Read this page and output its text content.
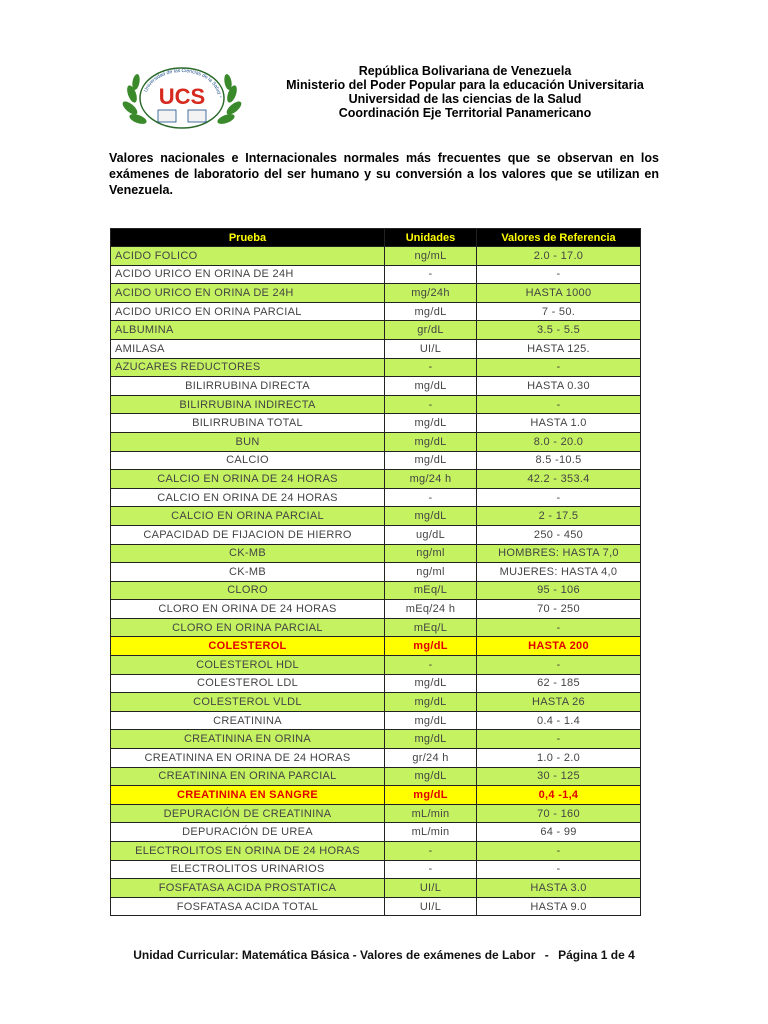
Universidad de las Ciencias de la Salud "
UCS
República Bolivariana de Venezuela
Ministerio del Poder Popular para la educación Universitaria
Universidad de las ciencias de la Salud
Coordinación Eje Territorial Panamericano
Valores nacionales e Internacionales normales más frecuentes que se observan en los exámenes de laboratorio del ser humano y su conversión a los valores que se utilizan en Venezuela.
Prueba	Unidades	Valores de Referencia
ACIDO FOLICO	ng/mL	2.0 - 17.0
ACIDO URICO EN ORINA DE 24H	-	-
ACIDO URICO EN ORINA DE 24H	mg/24h	HASTA 1000
ACIDO URICO EN ORINA PARCIAL	mg/dL	7 - 50.
ALBUMINA	gr/dL	3.5 - 5.5
AMILASA	UI/L	HASTA 125.
AZUCARES REDUCTORES	-	-
BILIRRUBINA DIRECTA	mg/dL	HASTA 0.30
BILIRRUBINA INDIRECTA	-	-
BILIRRUBINA TOTAL	mg/dL	HASTA 1.0
BUN	mg/dL	8.0 - 20.0
CALCIO	mg/dL	8.5 -10.5
CALCIO EN ORINA DE 24 HORAS	mg/24 h	42.2 - 353.4
CALCIO EN ORINA DE 24 HORAS	-	-
CALCIO EN ORINA PARCIAL	mg/dL	2 - 17.5
CAPACIDAD DE FIJACION DE HIERRO	ug/dL	250 - 450
CK-MB	ng/ml	HOMBRES: HASTA 7,0
CK-MB	ng/ml	MUJERES: HASTA 4,0
CLORO	mEq/L	95 - 106
CLORO EN ORINA DE 24 HORAS	mEq/24 h	70 - 250
CLORO EN ORINA PARCIAL	mEq/L	-
COLESTEROL	mg/dL	HASTA 200
COLESTEROL HDL	-	-
COLESTEROL LDL	mg/dL	62 - 185
COLESTEROL VLDL	mg/dL	HASTA 26
CREATININA	mg/dL	0.4 - 1.4
CREATININA EN ORINA	mg/dL	-
CREATININA EN ORINA DE 24 HORAS	gr/24 h	1.0 - 2.0
CREATININA EN ORINA PARCIAL	mg/dL	30 - 125
CREATININA EN SANGRE	mg/dL	0,4 -1,4
DEPURACIÓN DE CREATININA	mL/min	70 - 160
DEPURACIÓN DE UREA	mL/min	64 - 99
ELECTROLITOS EN ORINA DE 24 HORAS	-	-
ELECTROLITOS URINARIOS	-	-
FOSFATASA ACIDA PROSTATICA	UI/L	HASTA 3.0
FOSFATASA ACIDA TOTAL	UI/L	HASTA 9.0
Unidad Curricular: Matemática Básica - Valores de exámenes de Labor - Página 1 de 4
